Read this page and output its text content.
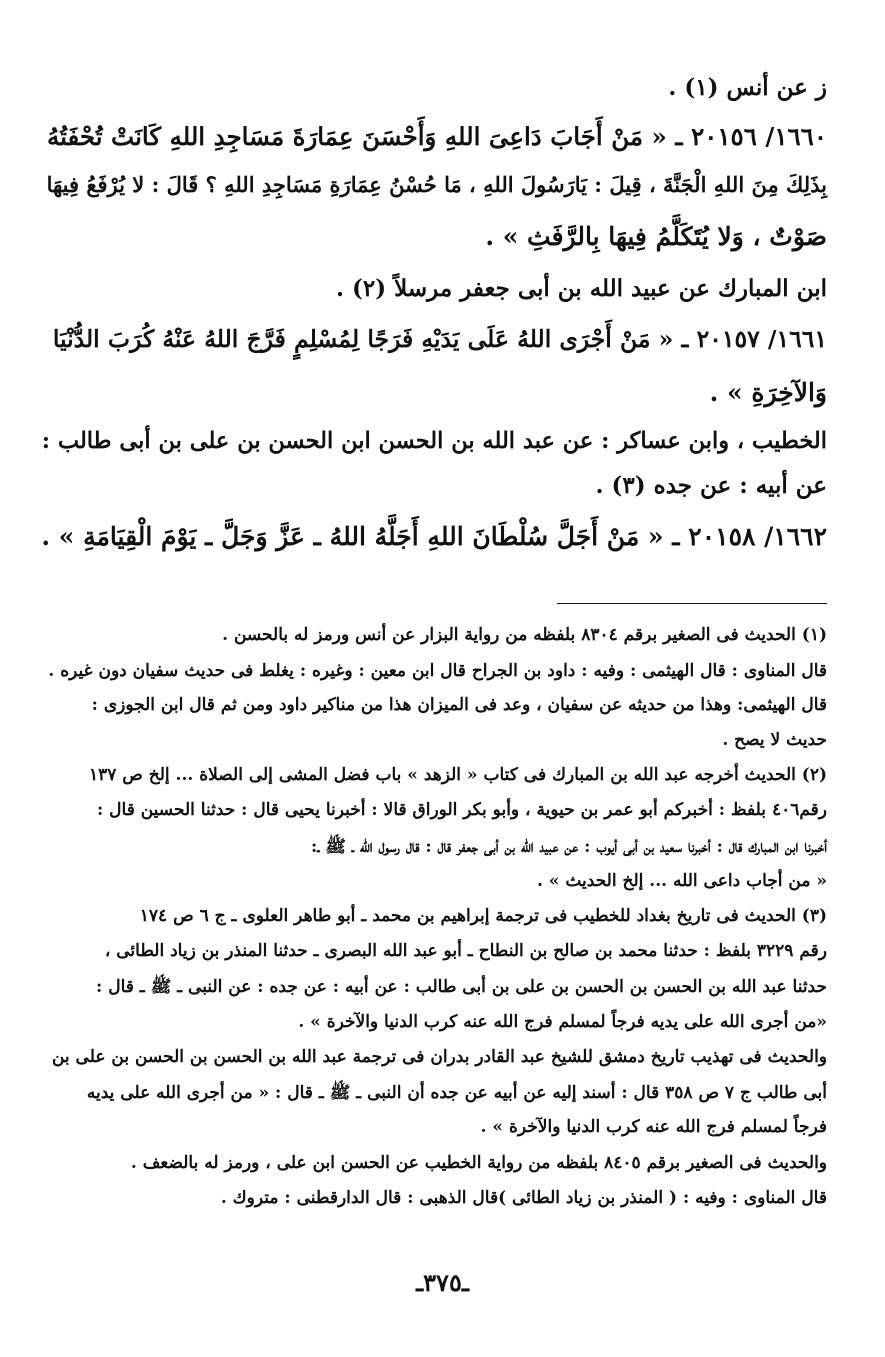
ز عن أنس (١) .
١٦٦٠/ ٢٠١٥٦ ـ « مَنْ أَجَابَ دَاعِىَ اللهِ وَأَحْسَنَ عِمَارَةَ مَسَاجِدِ اللهِ كَانَتْ تُحْفَتُهُ
بِذَلِكَ مِنَ اللهِ الْجَنَّةَ ، قِيلَ : يَارَسُولَ اللهِ ، مَا حُسْنُ عِمَارَةِ مَسَاجِدِ اللهِ ؟ قَالَ : لا يُرْفَعُ فِيهَا
صَوْتٌ ، وَلا يُتَكَلَّمُ فِيهَا بِالرَّفَثِ » .
ابن المبارك عن عبيد الله بن أبى جعفر مرسلاً (٢) .
١٦٦١/ ٢٠١٥٧ ـ « مَنْ أَجْرَى اللهُ عَلَى يَدَيْهِ فَرَجًا لِمُسْلِمٍ فَرَّجَ اللهُ عَنْهُ كُرَبَ الدُّنْيَا
وَالآخِرَةِ » .
الخطيب ، وابن عساكر : عن عبد الله بن الحسن ابن الحسن بن على بن أبى طالب :
عن أبيه : عن جده (٣) .
١٦٦٢/ ٢٠١٥٨ ـ « مَنْ أَجَلَّ سُلْطَانَ اللهِ أَجَلَّهُ اللهُ ـ عَزَّ وَجَلَّ ـ يَوْمَ الْقِيَامَةِ » .
(١) الحديث فى الصغير برقم ٨٣٠٤ بلفظه من رواية البزار عن أنس ورمز له بالحسن .
قال المناوى : قال الهيثمى : وفيه : داود بن الجراح قال ابن معين : وغيره : يغلط فى حديث سفيان دون غيره .
قال الهيثمى: وهذا من حديثه عن سفيان ، وعد فى الميزان هذا من مناكير داود ومن ثم قال ابن الجوزى :
حديث لا يصح .
(٢) الحديث أخرجه عبد الله بن المبارك فى كتاب « الزهد » باب فضل المشى إلى الصلاة ... إلخ ص ١٣٧
رقم٤٠٦ بلفظ : أخبركم أبو عمر بن حيوية ، وأبو بكر الوراق قالا : أخبرنا يحيى قال : حدثنا الحسين قال :
أخبرنا ابن المبارك قال : أخبرنا سعيد بن أبى أيوب : عن عبيد الله بن أبى جعفر قال : قال رسول الله ـ ﷺ ـ:
« من أجاب داعى الله ... إلخ الحديث » .
(٣) الحديث فى تاريخ بغداد للخطيب فى ترجمة إبراهيم بن محمد ـ أبو طاهر العلوى ـ ج ٦ ص ١٧٤
رقم ٣٢٢٩ بلفظ : حدثنا محمد بن صالح بن النطاح ـ أبو عبد الله البصرى ـ حدثنا المنذر بن زياد الطائى ،
حدثنا عبد الله بن الحسن بن الحسن بن على بن أبى طالب : عن أبيه : عن جده : عن النبى ـ ﷺ ـ قال :
«من أجرى الله على يديه فرجاً لمسلم فرج الله عنه كرب الدنيا والآخرة » .
والحديث فى تهذيب تاريخ دمشق للشيخ عبد القادر بدران فى ترجمة عبد الله بن الحسن بن الحسن بن على بن
أبى طالب ج ٧ ص ٣٥٨ قال : أسند إليه عن أبيه عن جده أن النبى ـ ﷺ ـ قال : « من أجرى الله على يديه
فرجاً لمسلم فرج الله عنه كرب الدنيا والآخرة » .
والحديث فى الصغير برقم ٨٤٠٥ بلفظه من رواية الخطيب عن الحسن ابن على ، ورمز له بالضعف .
قال المناوى : وفيه : ( المنذر بن زياد الطائى )قال الذهبى : قال الدارقطنى : متروك .
ـ٣٧٥ـ
